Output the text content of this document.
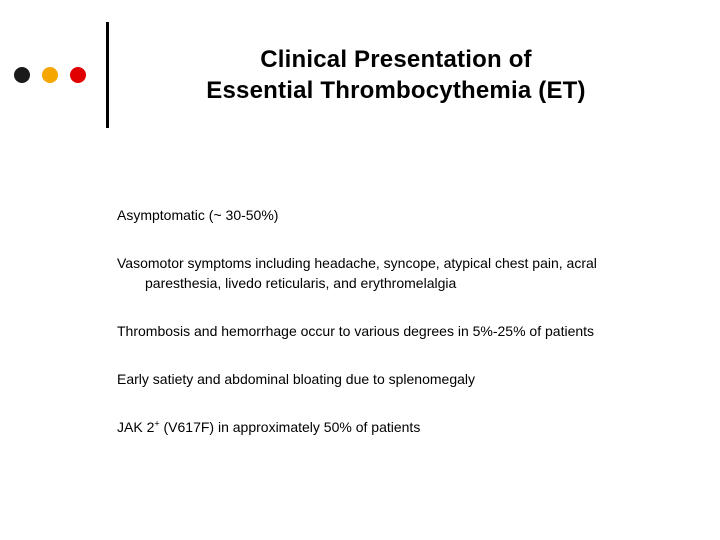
Clinical Presentation of
Essential Thrombocythemia (ET)

Asymptomatic (~ 30-50%)

Vasomotor symptoms including headache, syncope, atypical chest pain, acral paresthesia, livedo reticularis, and erythromelalgia

Thrombosis and hemorrhage occur to various degrees in 5%-25% of patients

Early satiety and abdominal bloating due to splenomegaly

JAK 2+ (V617F) in approximately 50% of patients
